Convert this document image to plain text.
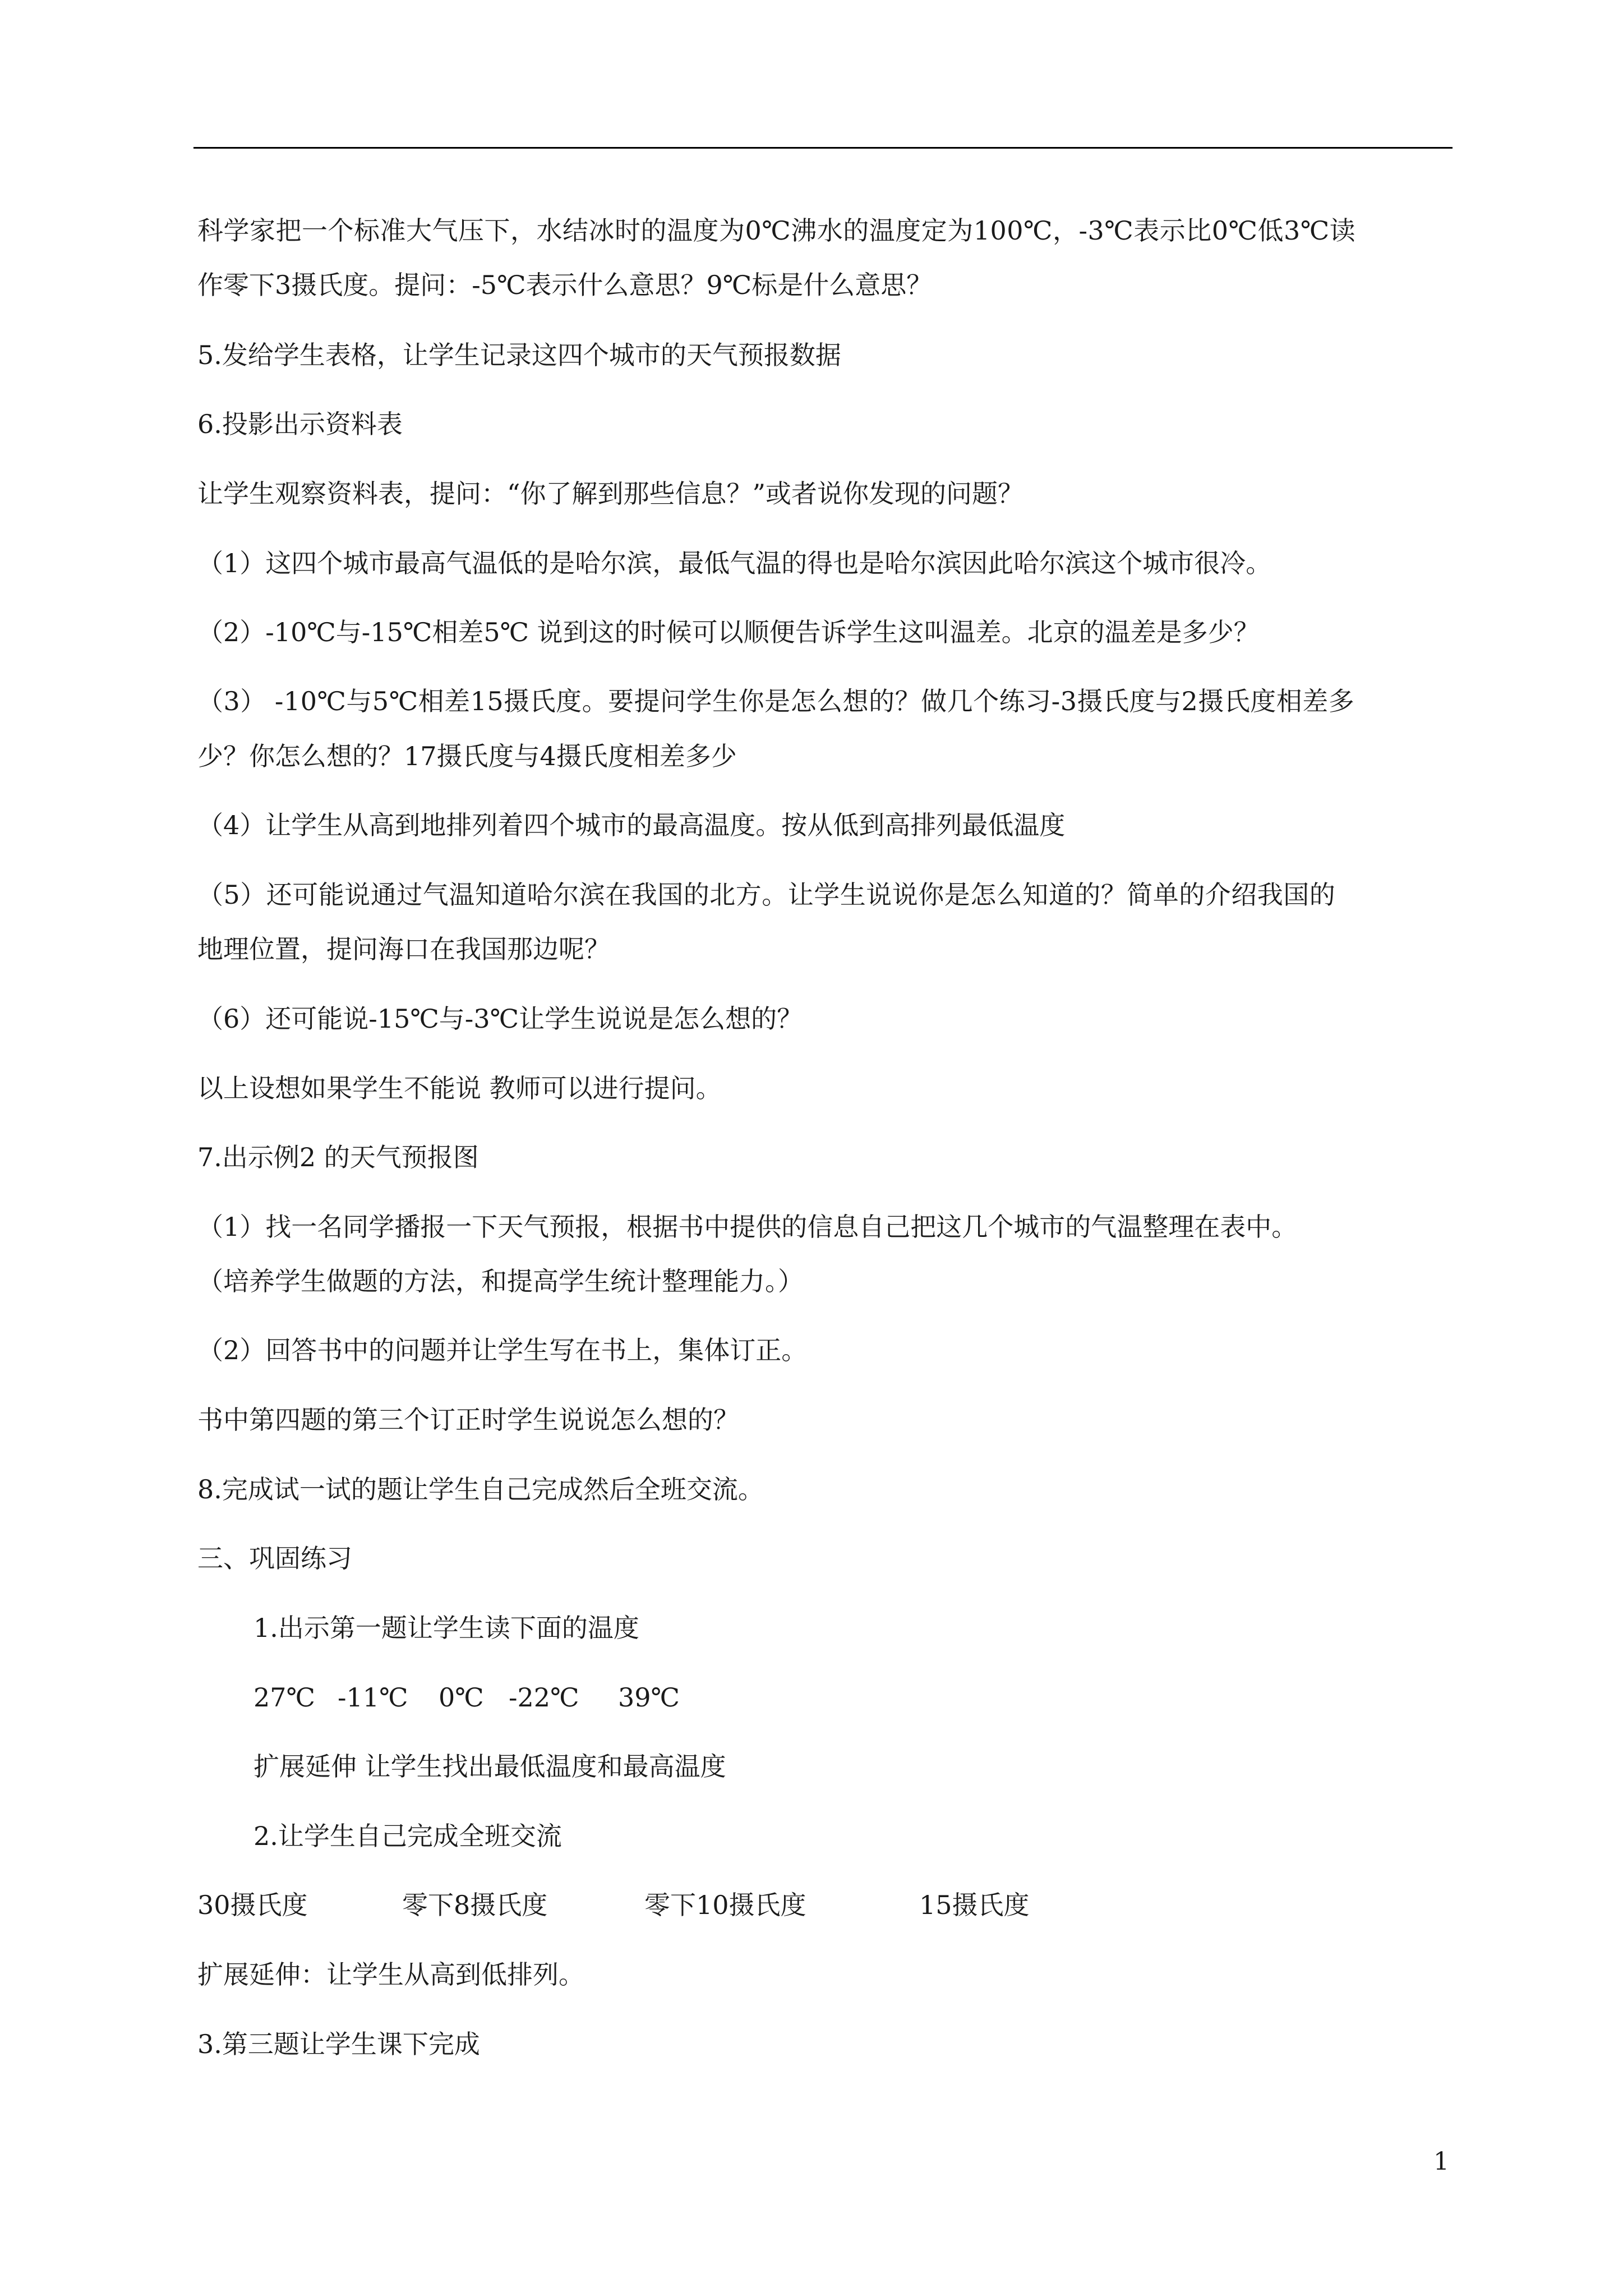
科学家把一个标准大气压下，水结冰时的温度为0℃沸水的温度定为100℃，-3℃表示比0℃低3℃读
作零下3摄氏度。提问：-5℃表示什么意思？9℃标是什么意思？
5.发给学生表格，让学生记录这四个城市的天气预报数据
6.投影出示资料表
让学生观察资料表，提问：“你了解到那些信息？”或者说你发现的问题？
（1）这四个城市最高气温低的是哈尔滨，最低气温的得也是哈尔滨因此哈尔滨这个城市很冷。
（2）-10℃与-15℃相差5℃ 说到这的时候可以顺便告诉学生这叫温差。北京的温差是多少？
（3） -10℃与5℃相差15摄氏度。要提问学生你是怎么想的？做几个练习-3摄氏度与2摄氏度相差多
少？你怎么想的？17摄氏度与4摄氏度相差多少
（4）让学生从高到地排列着四个城市的最高温度。按从低到高排列最低温度
（5）还可能说通过气温知道哈尔滨在我国的北方。让学生说说你是怎么知道的？简单的介绍我国的
地理位置，提问海口在我国那边呢？
（6）还可能说-15℃与-3℃让学生说说是怎么想的？
以上设想如果学生不能说 教师可以进行提问。
7.出示例2 的天气预报图
（1）找一名同学播报一下天气预报，根据书中提供的信息自己把这几个城市的气温整理在表中。
（培养学生做题的方法，和提高学生统计整理能力。）
（2）回答书中的问题并让学生写在书上，集体订正。
书中第四题的第三个订正时学生说说怎么想的？
8.完成试一试的题让学生自己完成然后全班交流。
三、巩固练习
1.出示第一题让学生读下面的温度
27℃ -11℃ 0℃ -22℃ 39℃
扩展延伸 让学生找出最低温度和最高温度
2.让学生自己完成全班交流
30摄氏度	零下8摄氏度	零下10摄氏度	15摄氏度
扩展延伸：让学生从高到低排列。
3.第三题让学生课下完成
1
